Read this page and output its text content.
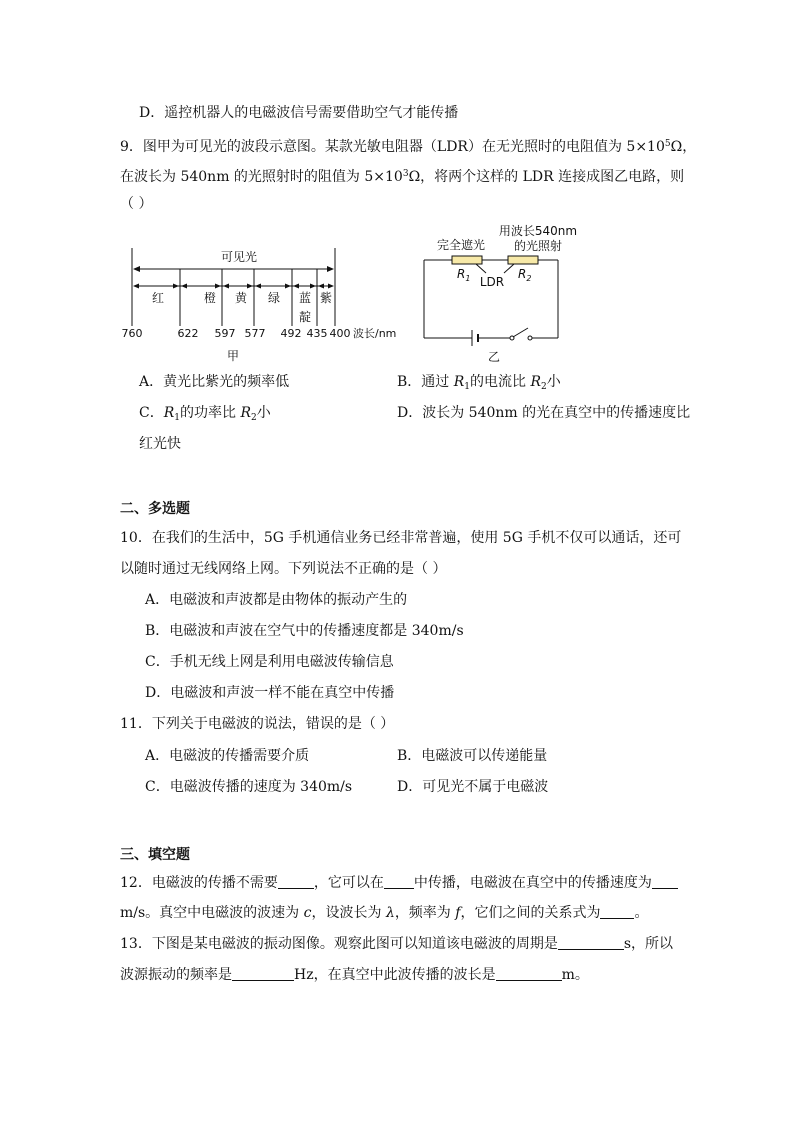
D．遥控机器人的电磁波信号需要借助空气才能传播
9．图甲为可见光的波段示意图。某款光敏电阻器（LDR）在无光照时的电阻值为 $5\times 10^5\Omega$，
在波长为 540nm 的光照射时的阻值为 $5\times 10^3\Omega$，将两个这样的 LDR 连接成图乙电路，则
（ ）
可见光
红	橙 黄 绿 蓝
靛
紫
760	622 597 577 492 435 400 波长/nm
甲
完全遮光
用波长540nm
的光照射
$R_1$	$R_2$
LDR
乙
A．黄光比紫光的频率低	B．通过 $R_1$的电流比 $R_2$小
C．$R_1$的功率比 $R_2$小	D．波长为 540nm 的光在真空中的传播速度比
红光快
二、多选题
10．在我们的生活中，5G 手机通信业务已经非常普遍，使用 5G 手机不仅可以通话，还可
以随时通过无线网络上网。下列说法不正确的是（ ）
A．电磁波和声波都是由物体的振动产生的
B．电磁波和声波在空气中的传播速度都是 340m/s
C．手机无线上网是利用电磁波传输信息
D．电磁波和声波一样不能在真空中传播
11．下列关于电磁波的说法，错误的是（ ）
A．电磁波的传播需要介质	B．电磁波可以传递能量
C．电磁波传播的速度为 340m/s	D．可见光不属于电磁波
三、填空题
12．电磁波的传播不需要	，它可以在 中传播，电磁波在真空中的传播速度为
m/s。真空中电磁波的波速为 c，设波长为 λ，频率为 f，它们之间的关系式为 。
13．下图是某电磁波的振动图像。观察此图可以知道该电磁波的周期是	s，所以
波源振动的频率是	Hz，在真空中此波传播的波长是	m。
